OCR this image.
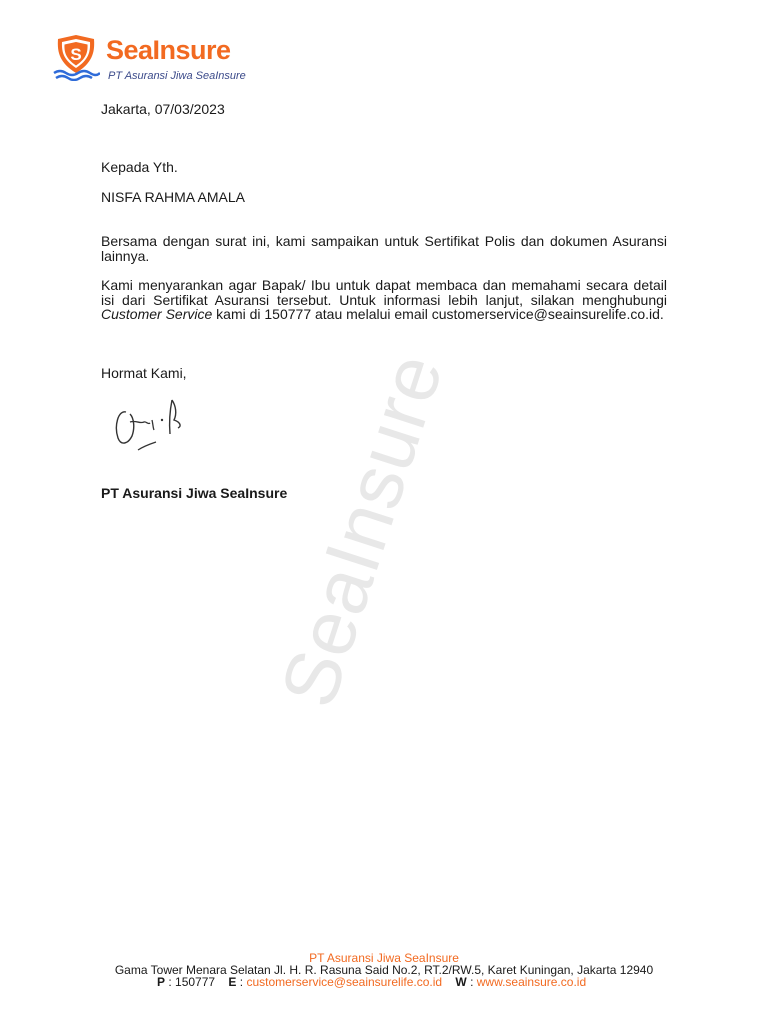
S SeaInsure
PT Asuransi Jiwa SeaInsure
SeaInsure
Jakarta, 07/03/2023
Kepada Yth.
NISFA RAHMA AMALA
Bersama dengan surat ini, kami sampaikan untuk Sertifikat Polis dan dokumen Asuransi lainnya.
Kami menyarankan agar Bapak/ Ibu untuk dapat membaca dan memahami secara detail isi dari Sertifikat Asuransi tersebut. Untuk informasi lebih lanjut, silakan menghubungi Customer Service kami di 150777 atau melalui email customerservice@seainsurelife.co.id.
Hormat Kami,
PT Asuransi Jiwa SeaInsure
PT Asuransi Jiwa SeaInsure
Gama Tower Menara Selatan Jl. H. R. Rasuna Said No.2, RT.2/RW.5, Karet Kuningan, Jakarta 12940
P : 150777 E : customerservice@seainsurelife.co.id W : www.seainsure.co.id
